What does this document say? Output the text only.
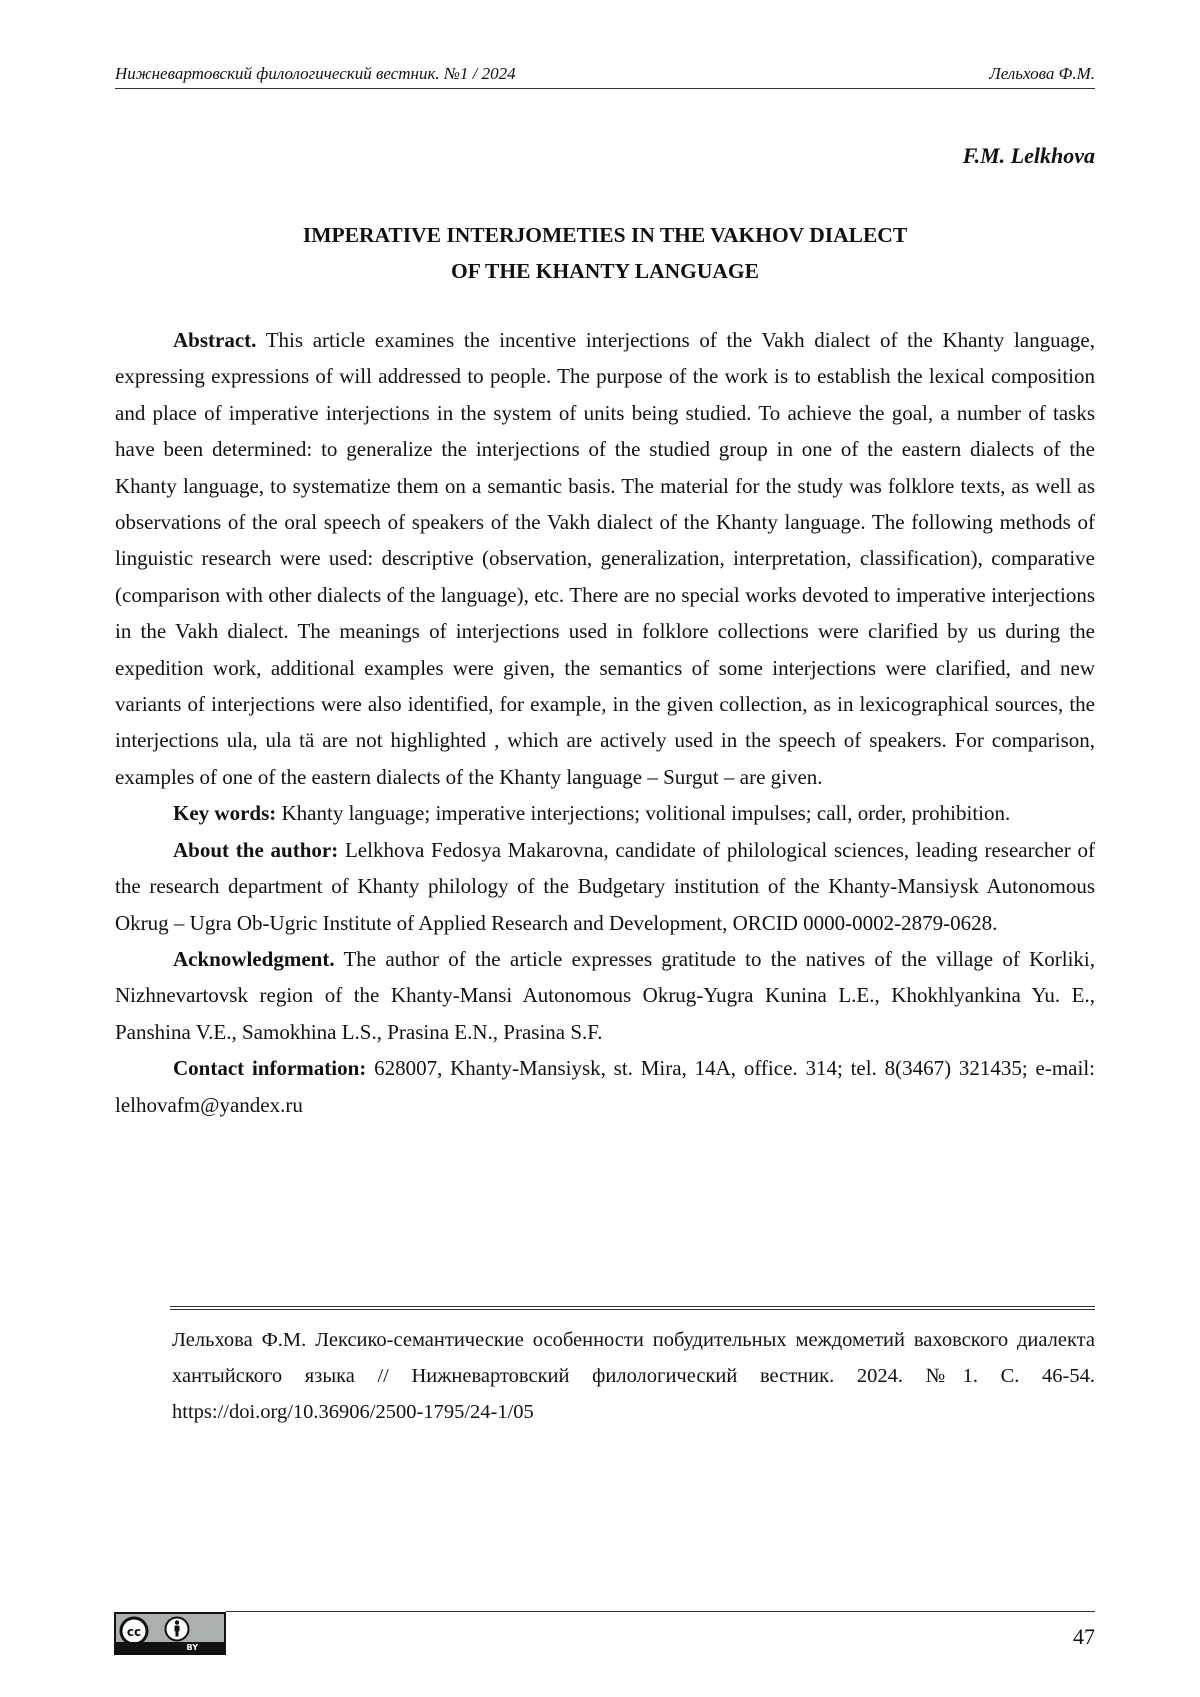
Нижневартовский филологический вестник. №1 / 2024	Лельхова Ф.М.
F.M. Lelkhova
IMPERATIVE INTERJOMETIES IN THE VAKHOV DIALECT
OF THE KHANTY LANGUAGE

Abstract. This article examines the incentive interjections of the Vakh dialect of the Khanty language, expressing expressions of will addressed to people. The purpose of the work is to establish the lexical composition and place of imperative interjections in the system of units being studied. To achieve the goal, a number of tasks have been determined: to generalize the interjections of the studied group in one of the eastern dialects of the Khanty language, to systematize them on a semantic basis. The material for the study was folklore texts, as well as observations of the oral speech of speakers of the Vakh dialect of the Khanty language. The following methods of linguistic research were used: descriptive (observation, generalization, interpretation, classification), comparative (comparison with other dialects of the language), etc. There are no special works devoted to imperative interjections in the Vakh dialect. The meanings of interjections used in folklore collections were clarified by us during the expedition work, additional examples were given, the semantics of some interjections were clarified, and new variants of interjections were also identified, for example, in the given collection, as in lexicographical sources, the interjections ula, ula tä are not highlighted , which are actively used in the speech of speakers. For comparison, examples of one of the eastern dialects of the Khanty language – Surgut – are given.

Key words: Khanty language; imperative interjections; volitional impulses; call, order, prohibition.

About the author: Lelkhova Fedosya Makarovna, candidate of philological sciences, leading researcher of the research department of Khanty philology of the Budgetary institution of the Khanty-Mansiysk Autonomous Okrug – Ugra Ob-Ugric Institute of Applied Research and Development, ORCID 0000-0002-2879-0628.

Acknowledgment. The author of the article expresses gratitude to the natives of the village of Korliki, Nizhnevartovsk region of the Khanty-Mansi Autonomous Okrug-Yugra Kunina L.E., Khokhlyankina Yu. E., Panshina V.E., Samokhina L.S., Prasina E.N., Prasina S.F.

Contact information: 628007, Khanty-Mansiysk, st. Mira, 14A, office. 314; tel. 8(3467) 321435; e-mail: lelhovafm@yandex.ru

Лельхова Ф.М. Лексико-семантические особенности побудительных междометий ваховского диалекта хантыйского языка // Нижневартовский филологический вестник. 2024. №1. С. 46-54. https://doi.org/10.36906/2500-1795/24-1/05
cc
BY	47
